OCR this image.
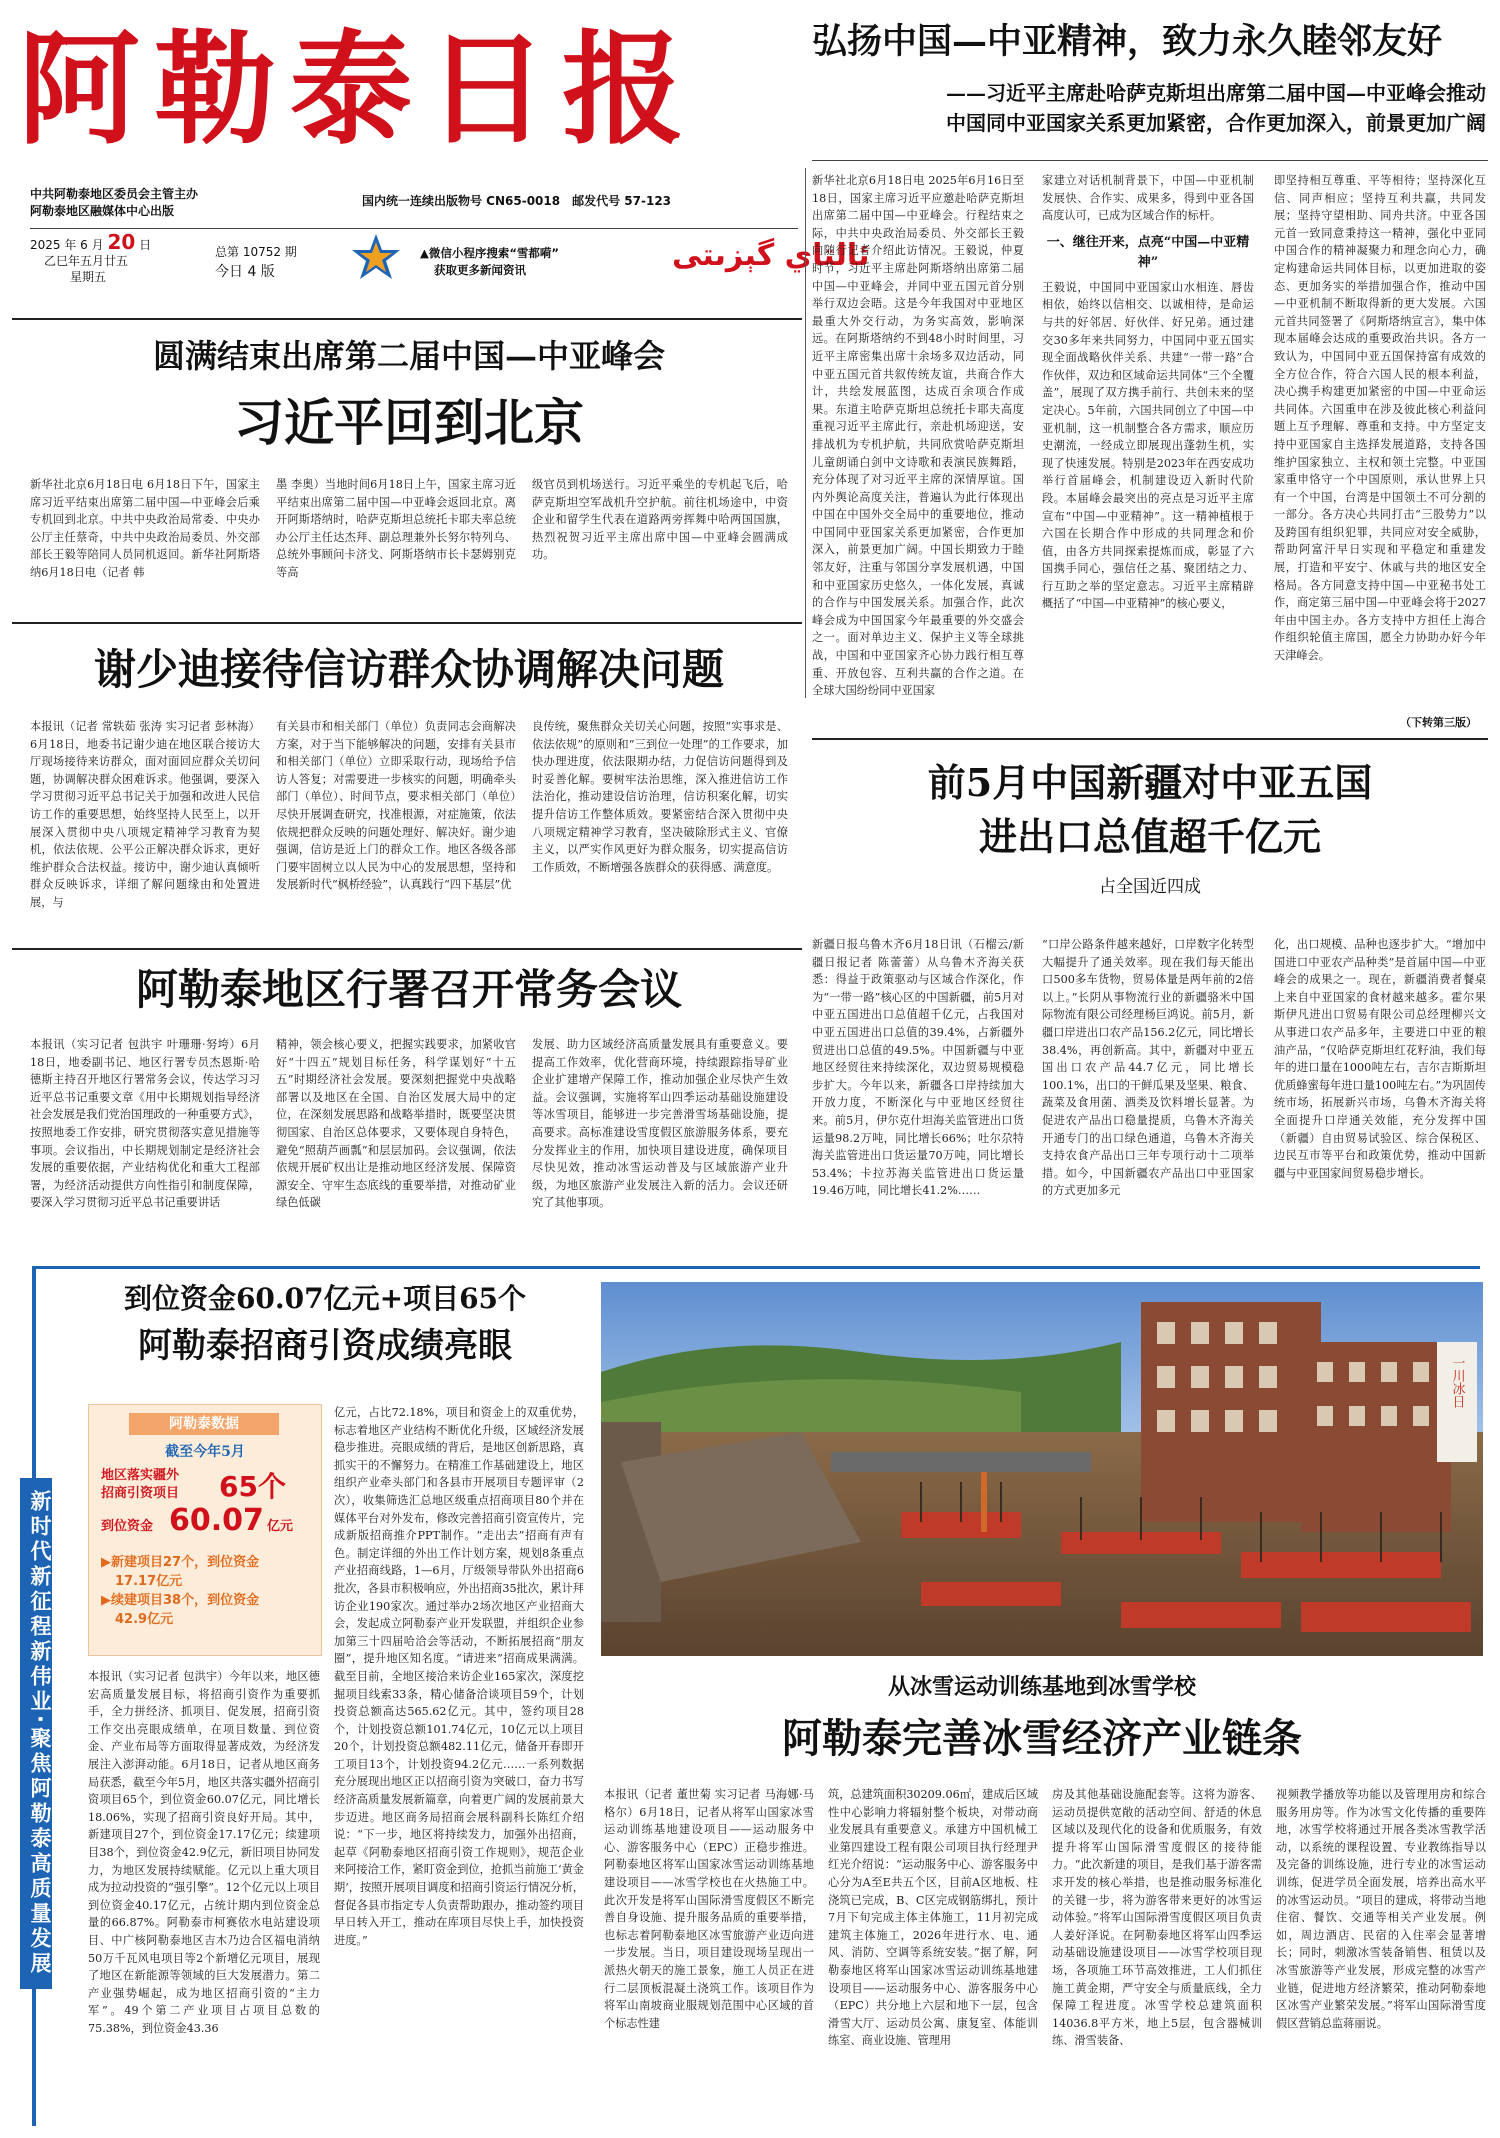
阿勒泰日报
中共阿勒泰地区委员会主管主办
阿勒泰地区融媒体中心出版
国内统一连续出版物号 CN65-0018　邮发代号 57-123
2025 年 6 月 20 日
乙巳年五月廿五
星期五
总第 10752 期
今日 4 版
▲微信小程序搜索“雪都嗬”
获取更多新闻资讯	ئالتاي گېزىتى
弘扬中国—中亚精神，致力永久睦邻友好
——习近平主席赴哈萨克斯坦出席第二届中国—中亚峰会推动
中国同中亚国家关系更加紧密，合作更加深入，前景更加广阔
新华社北京6月18日电 2025年6月16日至18日，国家主席习近平应邀赴哈萨克斯坦出席第二届中国—中亚峰会。行程结束之际，中共中央政治局委员、外交部长王毅向随行记者介绍此访情况。王毅说，仲夏时节，习近平主席赴阿斯塔纳出席第二届中国—中亚峰会，并同中亚五国元首分别举行双边会晤。这是今年我国对中亚地区最重大外交行动，为务实高效，影响深远。在阿斯塔纳约不到48小时时间里，习近平主席密集出席十余场多双边活动，同中亚五国元首共叙传统友谊，共商合作大计，共绘发展蓝图，达成百余项合作成果。东道主哈萨克斯坦总统托卡耶夫高度重视习近平主席此行，亲赴机场迎送，安排战机为专机护航，共同欣赏哈萨克斯坦儿童朗诵白剑中文诗歌和表演民族舞蹈，充分体现了对习近平主席的深情厚谊。国内外舆论高度关注，普遍认为此行体现出中国在中国外交全局中的重要地位，推动中国同中亚国家关系更加紧密，合作更加深入，前景更加广阔。中国长期致力于睦邻友好，注重与邻国分享发展机遇，中国和中亚国家历史悠久，一体化发展，真诚的合作与中国发展关系。加强合作，此次峰会成为中国国家今年最重要的外交盛会之一。面对单边主义、保护主义等全球挑战，中国和中亚国家齐心协力践行相互尊重、开放包容、互利共赢的合作之道。在全球大国纷纷同中亚国家
家建立对话机制背景下，中国—中亚机制发展快、合作实、成果多，得到中亚各国高度认可，已成为区域合作的标杆。
一、继往开来，点亮“中国—中亚精神”
王毅说，中国同中亚国家山水相连、唇齿相依，始终以信相交、以诚相待，是命运与共的好邻居、好伙伴、好兄弟。通过建交30多年来共同努力，中国同中亚五国实现全面战略伙伴关系、共建“一带一路”合作伙伴，双边和区域命运共同体“三个全覆盖”，展现了双方携手前行、共创未来的坚定决心。5年前，六国共同创立了中国—中亚机制，这一机制整合各方需求，顺应历史潮流，一经成立即展现出蓬勃生机，实现了快速发展。特别是2023年在西安成功举行首届峰会，机制建设迈入新时代阶段。本届峰会最突出的亮点是习近平主席宣布“中国—中亚精神”。这一精神植根于六国在长期合作中形成的共同理念和价值，由各方共同探索提炼而成，彰显了六国携手同心，强信任之基、聚团结之力、行互助之举的坚定意志。习近平主席精辟概括了“中国—中亚精神”的核心要义，
即坚持相互尊重、平等相待；坚持深化互信、同声相应；坚持互利共赢，共同发展；坚持守望相助、同舟共济。中亚各国元首一致同意秉持这一精神，强化中亚同中国合作的精神凝聚力和理念向心力，确定构建命运共同体目标，以更加进取的姿态、更加务实的举措加强合作，推动中国—中亚机制不断取得新的更大发展。六国元首共同签署了《阿斯塔纳宣言》，集中体现本届峰会达成的重要政治共识。各方一致认为，中国同中亚五国保持富有成效的全方位合作，符合六国人民的根本利益，决心携手构建更加紧密的中国—中亚命运共同体。六国重申在涉及彼此核心利益问题上互予理解、尊重和支持。中方坚定支持中亚国家自主选择发展道路，支持各国维护国家独立、主权和领土完整。中亚国家重申恪守一个中国原则，承认世界上只有一个中国，台湾是中国领土不可分割的一部分。各方决心共同打击“三股势力”以及跨国有组织犯罪，共同应对安全威胁，帮助阿富汗早日实现和平稳定和重建发展，打造和平安宁、休戚与共的地区安全格局。各方同意支持中国—中亚秘书处工作，商定第三届中国—中亚峰会将于2027年由中国主办。各方支持中方担任上海合作组织轮值主席国，愿全力协助办好今年天津峰会。
（下转第三版）
圆满结束出席第二届中国—中亚峰会
习近平回到北京
新华社北京6月18日电 6月18日下午，国家主席习近平结束出席第二届中国—中亚峰会后乘专机回到北京。中共中央政治局常委、中央办公厅主任蔡奇，中共中央政治局委员、外交部部长王毅等陪同人员同机返回。新华社阿斯塔纳6月18日电（记者 韩
墨 李奥）当地时间6月18日上午，国家主席习近平结束出席第二届中国—中亚峰会返回北京。离开阿斯塔纳时，哈萨克斯坦总统托卡耶夫率总统办公厅主任达杰拜、副总理兼外长努尔特列乌、总统外事顾问卡济戈、阿斯塔纳市长卡瑟姆别克等高
级官员到机场送行。习近平乘坐的专机起飞后，哈萨克斯坦空军战机升空护航。前往机场途中，中资企业和留学生代表在道路两旁挥舞中哈两国国旗，热烈祝贺习近平主席出席中国—中亚峰会圆满成功。
谢少迪接待信访群众协调解决问题
本报讯（记者 常轶茹 张涛 实习记者 彭林海）6月18日，地委书记谢少迪在地区联合接访大厅现场接待来访群众，面对面回应群众关切问题，协调解决群众困难诉求。他强调，要深入学习贯彻习近平总书记关于加强和改进人民信访工作的重要思想，始终坚持人民至上，以开展深入贯彻中央八项规定精神学习教育为契机，依法依规、公平公正解决群众诉求，更好维护群众合法权益。接访中，谢少迪认真倾听群众反映诉求，详细了解问题缘由和处置进展，与
有关县市和相关部门（单位）负责同志会商解决方案，对于当下能够解决的问题，安排有关县市和相关部门（单位）立即采取行动，现场给予信访人答复；对需要进一步核实的问题，明确牵头部门（单位）、时间节点，要求相关部门（单位）尽快开展调查研究，找准根源，对症施策，依法依规把群众反映的问题处理好、解决好。谢少迪强调，信访是近上门的群众工作。地区各级各部门要牢固树立以人民为中心的发展思想，坚持和发展新时代“枫桥经验”，认真践行“四下基层”优
良传统，聚焦群众关切关心问题，按照“实事求是、依法依规”的原则和“三到位一处理”的工作要求，加快办理进度，依法限期办结，力促信访问题得到及时妥善化解。要树牢法治思维，深入推进信访工作法治化，推动建设信访治理，信访积案化解，切实提升信访工作整体质效。要紧密结合深入贯彻中央八项规定精神学习教育，坚决破除形式主义、官僚主义，以严实作风更好为群众服务，切实提高信访工作质效，不断增强各族群众的获得感、满意度。
前5月中国新疆对中亚五国
进出口总值超千亿元
占全国近四成
新疆日报乌鲁木齐6月18日讯（石榴云/新疆日报记者 陈蕾蕾）从乌鲁木齐海关获悉：得益于政策驱动与区域合作深化，作为“一带一路”核心区的中国新疆，前5月对中亚五国进出口总值超千亿元，占我国对中亚五国进出口总值的39.4%，占新疆外贸进出口总值的49.5%。中国新疆与中亚地区经贸往来持续深化，双边贸易规模稳步扩大。今年以来，新疆各口岸持续加大开放力度，不断深化与中亚地区经贸往来。前5月，伊尔克什坦海关监管进出口货运量98.2万吨，同比增长66%；吐尔尕特海关监管进出口货运量70万吨，同比增长53.4%；卡拉苏海关监管进出口货运量19.46万吨，同比增长41.2%……
“口岸公路条件越来越好，口岸数字化转型大幅提升了通关效率。现在我们每天能出口500多车货物，贸易体量是两年前的2倍以上。”长阴从事物流行业的新疆骆米中国际物流有限公司经理杨巨鸿说。前5月，新疆口岸进出口农产品156.2亿元，同比增长38.4%，再创新高。其中，新疆对中亚五国出口农产品44.7亿元，同比增长100.1%，出口的干鲜瓜果及坚果、粮食、蔬菜及食用菌、酒类及饮料增长显著。为促进农产品出口稳量提质，乌鲁木齐海关开通专门的出口绿色通道，乌鲁木齐海关支持农食产品出口三年专项行动十二项举措。如今，中国新疆农产品出口中亚国家的方式更加多元
化，出口规模、品种也逐步扩大。“增加中国进口中亚农产品种类”是首届中国—中亚峰会的成果之一。现在，新疆消费者餐桌上来自中亚国家的食材越来越多。霍尔果斯伊凡进出口贸易有限公司总经理柳兴文从事进口农产品多年，主要进口中亚的粮油产品，“仅哈萨克斯坦红花籽油，我们每年的进口量在1000吨左右，吉尔吉斯斯坦优质蜂蜜每年进口量100吨左右。”为巩固传统市场，拓展新兴市场，乌鲁木齐海关将全面提升口岸通关效能，充分发挥中国（新疆）自由贸易试验区、综合保税区、边民互市等平台和政策优势，推动中国新疆与中亚国家间贸易稳步增长。
阿勒泰地区行署召开常务会议
本报讯（实习记者 包洪宇 叶珊珊·努垮）6月18日，地委副书记、地区行署专员杰恩斯·哈德斯主持召开地区行署常务会议，传达学习习近平总书记重要文章《用中长期规划指导经济社会发展是我们党治国理政的一种重要方式》，按照地委工作安排，研究贯彻落实意见措施等事项。会议指出，中长期规划制定是经济社会发展的重要依据，产业结构优化和重大工程部署，为经济活动提供方向性指引和制度保障，要深入学习贯彻习近平总书记重要讲话
精神，领会核心要义，把握实践要求，加紧收官好“十四五”规划目标任务，科学谋划好“十五五”时期经济社会发展。要深刻把握党中央战略部署以及地区在全国、自治区发展大局中的定位，在深刻发展思路和战略举措时，既要坚决贯彻国家、自治区总体要求，又要体现自身特色，避免“照葫芦画瓢”和层层加码。会议强调，依法依规开展矿权出让是推动地区经济发展、保障资源安全、守牢生态底线的重要举措，对推动矿业绿色低碳
发展、助力区域经济高质量发展具有重要意义。要提高工作效率，优化营商环境，持续跟踪指导矿业企业扩建增产保障工作，推动加强企业尽快产生效益。会议强调，实施将军山四季运动基础设施建设等冰雪项目，能够进一步完善滑雪场基础设施，提高要求。高标准建设雪度假区旅游服务体系，要充分发挥业主的作用，加快项目建设进度，确保项目尽快见效，推动冰雪运动普及与区域旅游产业升级，为地区旅游产业发展注入新的活力。会议还研究了其他事项。
新时代新征程新伟业·聚焦阿勒泰高质量发展
到位资金60.07亿元+项目65个
阿勒泰招商引资成绩亮眼
阿勒泰数据
截至今年5月
地区落实疆外
招商引资项目 65个
到位资金 60.07 亿元
▶新建项目27个，到位资金
17.17亿元
▶续建项目38个，到位资金
42.9亿元
本报讯（实习记者 包洪宇）今年以来，地区德宏高质量发展目标，将招商引资作为重要抓手，全力拼经济、抓项目、促发展，招商引资工作交出亮眼成绩单，在项目数量、到位资金、产业布局等方面取得显著成效，为经济发展注入澎湃动能。6月18日，记者从地区商务局获悉，截至今年5月，地区共落实疆外招商引资项目65个，到位资金60.07亿元，同比增长18.06%，实现了招商引资良好开局。其中，新建项目27个，到位资金17.17亿元；续建项目38个，到位资金42.9亿元，新旧项目协同发力，为地区发展持续赋能。亿元以上重大项目成为拉动投资的“强引擎”。12个亿元以上项目到位资金40.17亿元，占统计期内到位资金总量的66.87%。阿勒泰市柯赛依水电站建设项目、中广核阿勒泰地区吉木乃边合区福电消纳50万千瓦风电项目等2个新增亿元项目，展现了地区在新能源等领域的巨大发展潜力。第二产业强势崛起，成为地区招商引资的“主力军”。49个第二产业项目占项目总数的75.38%，到位资金43.36
亿元，占比72.18%，项目和资金上的双重优势，标志着地区产业结构不断优化升级，区域经济发展稳步推进。亮眼成绩的背后，是地区创新思路，真抓实干的不懈努力。在精准工作基础建设上，地区组织产业牵头部门和各县市开展项目专题评审（2次），收集筛选汇总地区级重点招商项目80个并在媒体平台对外发布，修改完善招商引资宣传片，完成新版招商推介PPT制作。“走出去”招商有声有色。制定详细的外出工作计划方案，规划8条重点产业招商线路，1—6月，厅级领导带队外出招商6批次，各县市积极响应，外出招商35批次，累计拜访企业190家次。通过举办2场次地区产业招商大会，发起成立阿勒泰产业开发联盟，并组织企业参加第三十四届哈洽会等活动，不断拓展招商“朋友圈”，提升地区知名度。“请进来”招商成果满满。截至目前，全地区接洽来访企业165家次，深度挖掘项目线索33条，精心储备洽谈项目59个，计划投资总额高达565.62亿元。其中，签约项目28个，计划投资总额101.74亿元，10亿元以上项目20个，计划投资总额482.11亿元，储备开春即开工项目13个，计划投资94.2亿元……一系列数据充分展现出地区正以招商引资为突破口，奋力书写经济高质量发展新篇章，向着更广阔的发展前景大步迈进。地区商务局招商会展科副科长陈红介绍说：“下一步，地区将持续发力，加强外出招商，起草《阿勒泰地区招商引资工作规则》，规范企业来阿接洽工作，紧盯资金到位，抢抓当前施工‘黄金期’，按照开展项目调度和招商引资运行情况分析，督促各县市指定专人负责帮助跟办，推动签约项目早日转入开工，推动在库项目尽快上手，加快投资进度。”
一川冰日
从冰雪运动训练基地到冰雪学校
阿勒泰完善冰雪经济产业链条
本报讯（记者 董世菊 实习记者 马海娜·马格尔）6月18日，记者从将军山国家冰雪运动训练基地建设项目——运动服务中心、游客服务中心（EPC）正稳步推进。阿勒泰地区将军山国家冰雪运动训练基地建设项目——冰雪学校也在火热施工中。此次开发是将军山国际滑雪度假区不断完善自身设施、提升服务品质的重要举措，也标志着阿勒泰地区冰雪旅游产业迈向进一步发展。当日，项目建设现场呈现出一派热火朝天的施工景象，施工人员正在进行二层顶板混凝土浇筑工作。该项目作为将军山南坡商业服规划范围中心区域的首个标志性建
筑，总建筑面积30209.06㎡，建成后区域性中心影响力将辐射整个板块，对带动商业发展具有重要意义。承建方中国机械工业第四建设工程有限公司项目执行经理尹红光介绍说：“运动服务中心、游客服务中心分为A至E共五个区，目前A区地板、柱浇筑已完成，B、C区完成钢筋绑扎，预计7月下旬完成主体主体施工，11月初完成建筑主体施工，2026年进行水、电、通风、消防、空调等系统安装。”据了解，阿勒泰地区将军山国家冰雪运动训练基地建设项目——运动服务中心、游客服务中心（EPC）共分地上六层和地下一层，包含滑雪大厅、运动员公寓、康复室、体能训练室、商业设施、管理用
房及其他基础设施配套等。这将为游客、运动员提供宽敞的活动空间、舒适的休息区域以及现代化的设备和优质服务，有效提升将军山国际滑雪度假区的接待能力。“此次新建的项目，是我们基于游客需求开发的核心举措，也是推动服务标准化的关键一步，将为游客带来更好的冰雪运动体验。”将军山国际滑雪度假区项目负责人姜好泽说。在阿勒泰地区将军山四季运动基础设施建设项目——冰雪学校项目现场，各项施工环节高效推进，工人们抓住施工黄金期，严守安全与质量底线，全力保障工程进度。冰雪学校总建筑面积14036.8平方米，地上5层，包含器械训练、滑雪装备、
视频教学播放等功能以及管理用房和综合服务用房等。作为冰雪文化传播的重要阵地，冰雪学校将通过开展各类冰雪教学活动，以系统的课程设置、专业教练指导以及完备的训练设施，进行专业的冰雪运动训练，促进学员全面发展，培养出高水平的冰雪运动员。“项目的建成，将带动当地住宿、餐饮、交通等相关产业发展。例如，周边酒店、民宿的入住率会显著增长；同时，刺激冰雪装备销售、租赁以及冰雪旅游等产业发展，形成完整的冰雪产业链，促进地方经济繁荣，推动阿勒泰地区冰雪产业繁荣发展。”将军山国际滑雪度假区营销总监蒋丽说。
